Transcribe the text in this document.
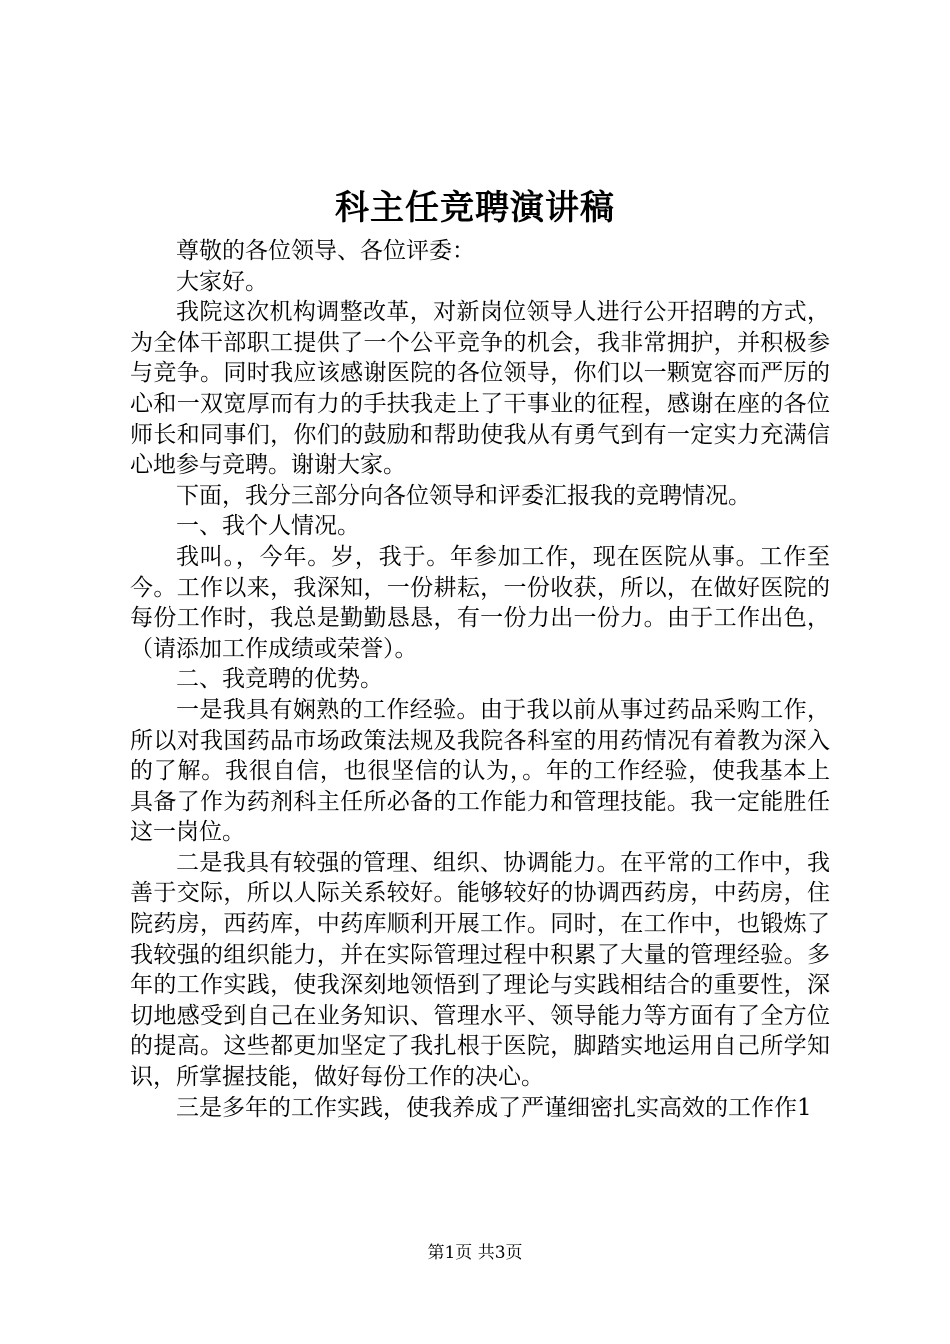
科主任竞聘演讲稿

尊敬的各位领导、各位评委：

大家好。

我院这次机构调整改革，对新岗位领导人进行公开招聘的方式，为全体干部职工提供了一个公平竞争的机会，我非常拥护，并积极参与竞争。同时我应该感谢医院的各位领导，你们以一颗宽容而严厉的心和一双宽厚而有力的手扶我走上了干事业的征程，感谢在座的各位师长和同事们，你们的鼓励和帮助使我从有勇气到有一定实力充满信心地参与竞聘。谢谢大家。

下面，我分三部分向各位领导和评委汇报我的竞聘情况。

一、我个人情况。

我叫。，今年。岁，我于。年参加工作，现在医院从事。工作至今。工作以来，我深知，一份耕耘，一份收获，所以，在做好医院的每份工作时，我总是勤勤恳恳，有一份力出一份力。由于工作出色，（请添加工作成绩或荣誉）。

二、我竞聘的优势。

一是我具有娴熟的工作经验。由于我以前从事过药品采购工作，所以对我国药品市场政策法规及我院各科室的用药情况有着教为深入的了解。我很自信，也很坚信的认为，。年的工作经验，使我基本上具备了作为药剂科主任所必备的工作能力和管理技能。我一定能胜任这一岗位。

二是我具有较强的管理、组织、协调能力。在平常的工作中，我善于交际，所以人际关系较好。能够较好的协调西药房，中药房，住院药房，西药库，中药库顺利开展工作。同时，在工作中，也锻炼了我较强的组织能力，并在实际管理过程中积累了大量的管理经验。多年的工作实践，使我深刻地领悟到了理论与实践相结合的重要性，深切地感受到自己在业务知识、管理水平、领导能力等方面有了全方位的提高。这些都更加坚定了我扎根于医院，脚踏实地运用自己所学知识，所掌握技能，做好每份工作的决心。

三是多年的工作实践，使我养成了严谨细密扎实高效的工作作1

第1页 共3页
